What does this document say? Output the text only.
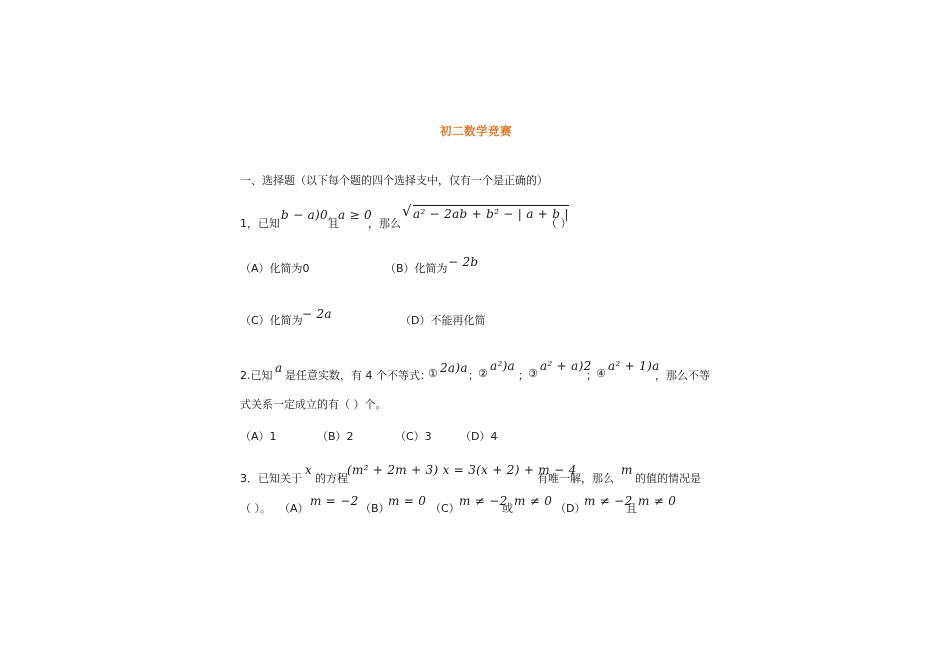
初二数学竞赛
一、选择题（以下每个题的四个选择支中，仅有一个是正确的）
1，已知
b − a)0,
且
a ≥ 0
，那么
√ a² − 2ab + b² − | a + b |
（ ）
（A）化简为0	（B）化简为 − 2b
（C）化简为 − 2a	（D）不能再化简
2.已知
a
是任意实数，有 4 个不等式：
① 2a)a
； ②
a²)a
； ③
a² + a)2
； ④
a² + 1)a
，那么不等
式关系一定成立的有（ ）个。
（A）1	（B）2	（C）3	（D）4
3．已知关于
x
的方程
(m² + 2m + 3) x = 3(x + 2) + m − 4
有唯一解，那么
m
的值的情况是
（ ）。 （A）
m = −2
（B）
m = 0
（C）
m ≠ −2
或
m ≠ 0
（D）
m ≠ −2
且
m ≠ 0
